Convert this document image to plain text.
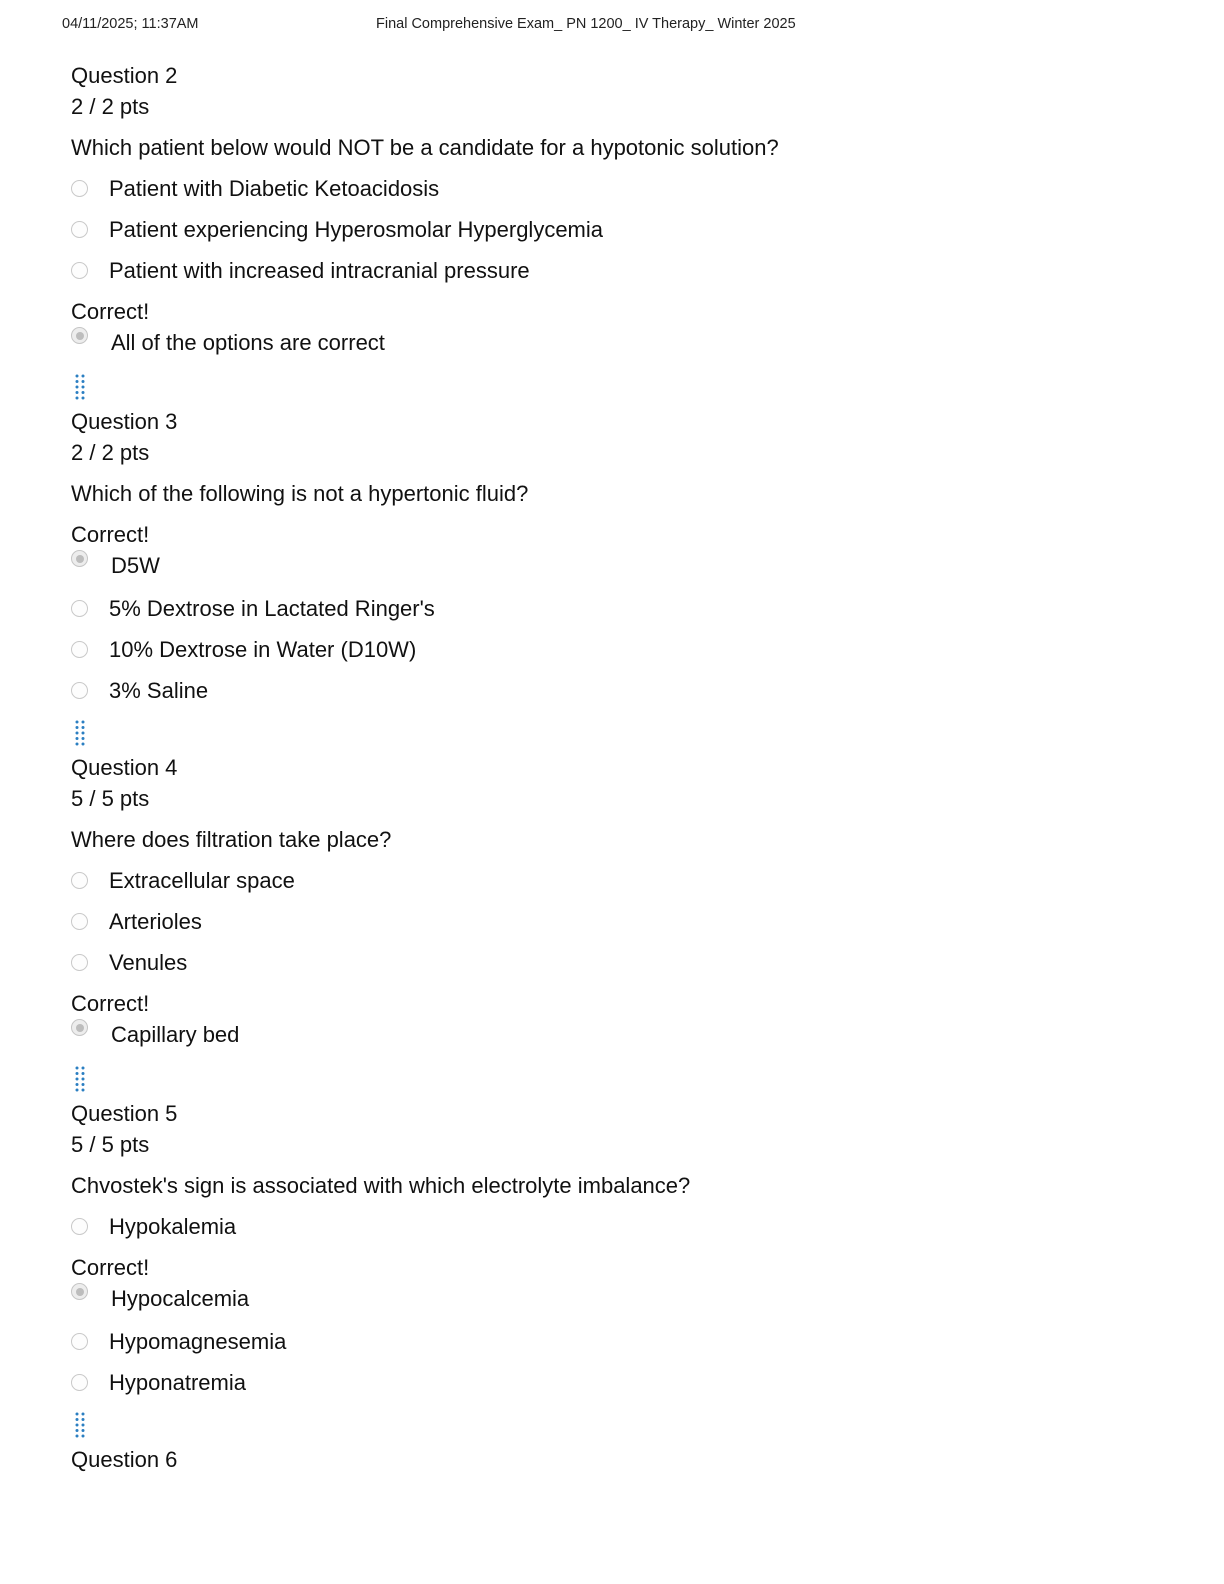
04/11/2025; 11:37AM	Final Comprehensive Exam_ PN 1200_ IV Therapy_ Winter 2025
Question 2
2 / 2 pts
Which patient below would NOT be a candidate for a hypotonic solution?
Patient with Diabetic Ketoacidosis
Patient experiencing Hyperosmolar Hyperglycemia
Patient with increased intracranial pressure
Correct!
All of the options are correct
Question 3
2 / 2 pts
Which of the following is not a hypertonic fluid?
Correct!
D5W
5% Dextrose in Lactated Ringer's
10% Dextrose in Water (D10W)
3% Saline
Question 4
5 / 5 pts
Where does filtration take place?
Extracellular space
Arterioles
Venules
Correct!
Capillary bed
Question 5
5 / 5 pts
Chvostek's sign is associated with which electrolyte imbalance?
Hypokalemia
Correct!
Hypocalcemia
Hypomagnesemia
Hyponatremia
Question 6
